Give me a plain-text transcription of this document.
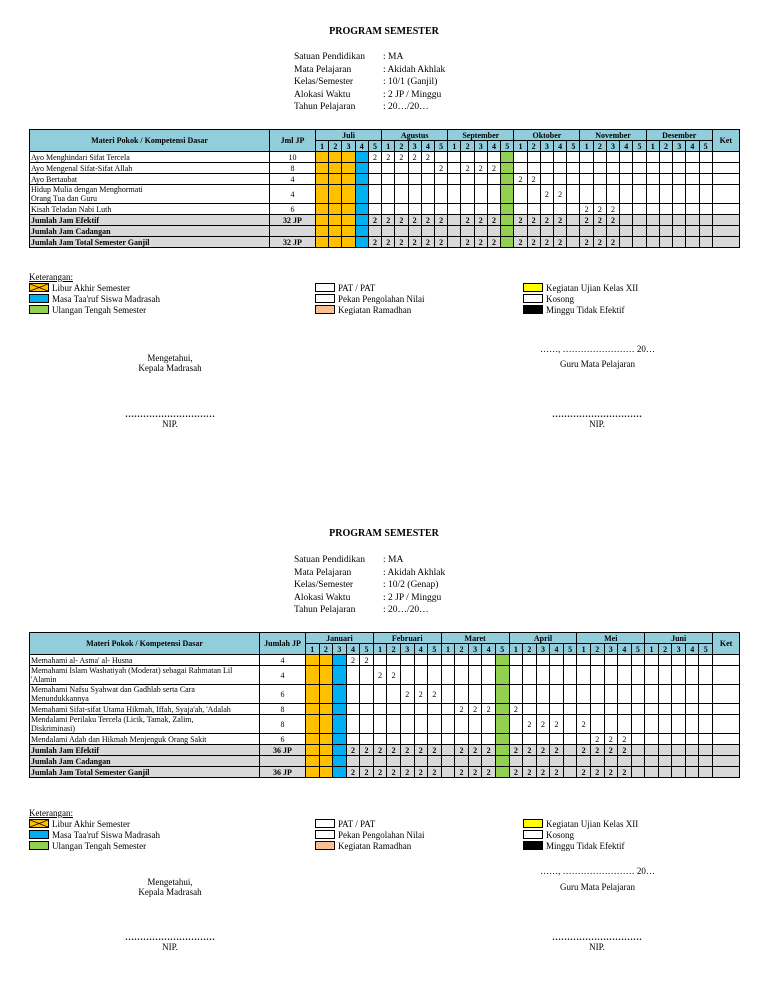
PROGRAM SEMESTER
Satuan Pendidikan	: MA
Mata Pelajaran	: Akidah Akhlak
Kelas/Semester	: 10/1 (Ganjil)
Alokasi Waktu	: 2 JP / Minggu
Tahun Pelajaran	: 20…/20…
Materi Pokok / Kompetensi Dasar	Jml JP	Juli					Agustus					September					Oktober					November					Desember					Ket
		1	2	3	4	5	1	2	3	4	5	1	2	3	4	5	1	2	3	4	5	1	2	3	4	5	1	2	3	4	5	
Ayo Menghindari Sifat Tercela	10					2	2	2	2	2																						
Ayo Mengenal Sifat-Sifat Allah	8										2		2	2	2																	
Ayo Bertaubat	4																2	2														

Hidup Mulia dengan Menghormati
Orang Tua dan Guru	4																		2	2												
Kisah Teladan Nabi Luth	6																					2	2	2								
Jumlah Jam Efektif	32 JP					2	2	2	2	2	2		2	2	2		2	2	2	2		2	2	2								
Jumlah Jam Cadangan																																
Jumlah Jam Total Semester Ganjil	32 JP					2	2	2	2	2	2		2	2	2		2	2	2	2		2	2	2								
Keterangan:
Libur Akhir Semester
Masa Taa'ruf Siswa Madrasah
Ulangan Tengah Semester
PAT / PAT
Pekan Pengolahan Nilai
Kegiatan Ramadhan
Kegiatan Ujian Kelas XII
Kosong
Minggu Tidak Efektif
Mengetahui,
Kepala Madrasah
……, …………………… 20…
Guru Mata Pelajaran
…………………………
NIP.
…………………………
NIP.
PROGRAM SEMESTER
Satuan Pendidikan	: MA
Mata Pelajaran	: Akidah Akhlak
Kelas/Semester	: 10/2 (Genap)
Alokasi Waktu	: 2 JP / Minggu
Tahun Pelajaran	: 20…/20…
Materi Pokok / Kompetensi Dasar	Jumlah JP	Januari					Februari					Maret					April					Mei					Juni					Ket
		1	2	3	4	5	1	2	3	4	5	1	2	3	4	5	1	2	3	4	5	1	2	3	4	5	1	2	3	4	5	
Memahami al- Asma' al- Husna	4				2	2																										

Memahami Islam Washatiyah (Moderat) sebagai Rahmatan Lil
'Alamin	4						2	2																								

Memahami Nafsu Syahwat dan Gadhlab serta Cara
Menundukkannya	6								2	2	2																					
Memahami Sifat-sifat Utama Hikmah, Iffah, Syaja'ah, 'Adalah	8												2	2	2		2															

Mendalami Perilaku Tercela (Licik, Tamak, Zalim,
Diskriminasi)	8																	2	2	2		2										
Mendalami Adab dan Hikmah Menjenguk Orang Sakit	6																						2	2	2							
Jumlah Jam Efektif	36 JP				2	2	2	2	2	2	2		2	2	2		2	2	2	2		2	2	2	2							
Jumlah Jam Cadangan																																
Jumlah Jam Total Semester Ganjil	36 JP				2	2	2	2	2	2	2		2	2	2		2	2	2	2		2	2	2	2							
Keterangan:
Libur Akhir Semester
Masa Taa'ruf Siswa Madrasah
Ulangan Tengah Semester
PAT / PAT
Pekan Pengolahan Nilai
Kegiatan Ramadhan
Kegiatan Ujian Kelas XII
Kosong
Minggu Tidak Efektif
Mengetahui,
Kepala Madrasah
……, …………………… 20…
Guru Mata Pelajaran
…………………………
NIP.
…………………………
NIP.
